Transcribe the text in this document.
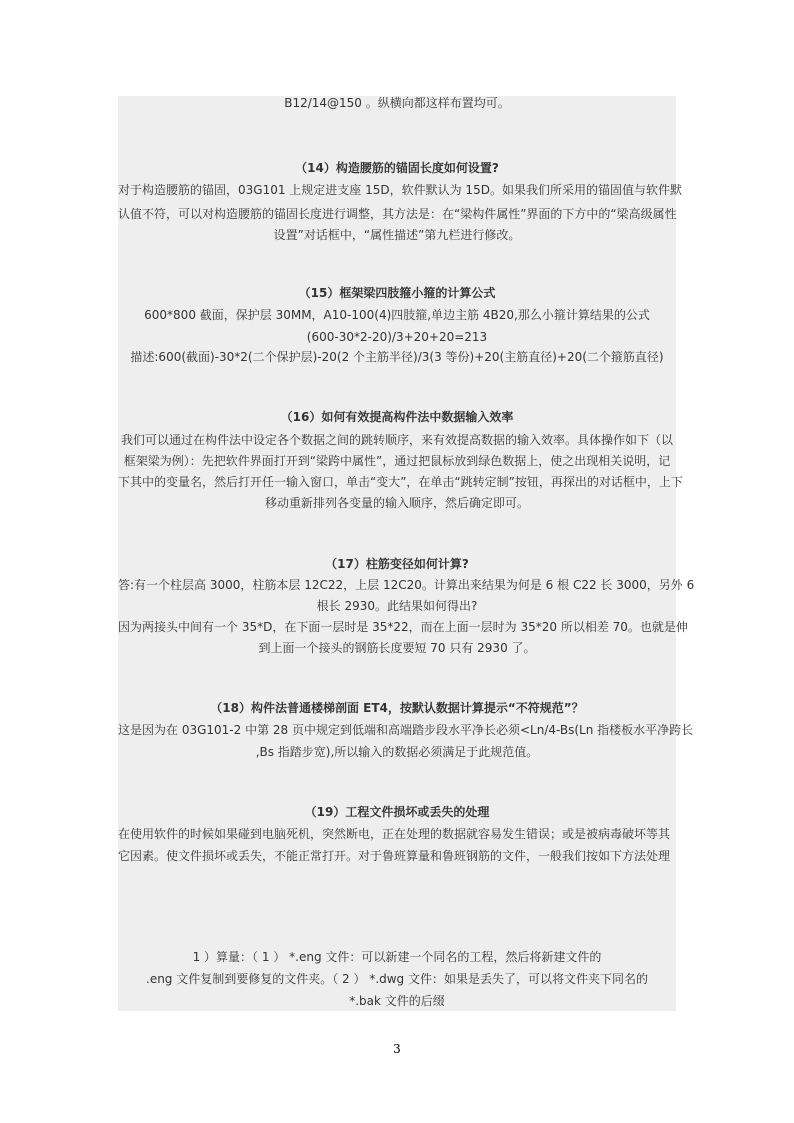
B12/14@150 。纵横向都这样布置均可。

（14）构造腰筋的锚固长度如何设置?

对于构造腰筋的锚固，03G101 上规定进支座 15D，软件默认为 15D。如果我们所采用的锚固值与软件默

认值不符，可以对构造腰筋的锚固长度进行调整，其方法是：在“梁构件属性”界面的下方中的“梁高级属性

设置”对话框中，“属性描述”第九栏进行修改。

（15）框架梁四肢箍小箍的计算公式

600*800 截面，保护层 30MM，A10-100(4)四肢箍,单边主筋 4B20,那么小箍计算结果的公式

(600-30*2-20)/3+20+20=213

描述:600(截面)-30*2(二个保护层)-20(2 个主筋半径)/3(3 等份)+20(主筋直径)+20(二个箍筋直径)

（16）如何有效提高构件法中数据输入效率

我们可以通过在构件法中设定各个数据之间的跳转顺序，来有效提高数据的输入效率。具体操作如下（以

框架梁为例）：先把软件界面打开到“梁跨中属性”，通过把鼠标放到绿色数据上，使之出现相关说明，记

下其中的变量名，然后打开任一输入窗口，单击“变大”，在单击“跳转定制”按钮，再探出的对话框中，上下

移动重新排列各变量的输入顺序，然后确定即可。

（17）柱筋变径如何计算?

答:有一个柱层高 3000，柱筋本层 12C22，上层 12C20。计算出来结果为何是 6 根 C22 长 3000，另外 6

根长 2930。此结果如何得出?

因为两接头中间有一个 35*D，在下面一层时是 35*22，而在上面一层时为 35*20 所以相差 70。也就是伸

到上面一个接头的钢筋长度要短 70 只有 2930 了。

（18）构件法普通楼梯剖面 ET4，按默认数据计算提示“不符规范”？

这是因为在 03G101-2 中第 28 页中规定到低端和高端踏步段水平净长必须<Ln/4-Bs(Ln 指楼板水平净跨长

,Bs 指踏步宽),所以输入的数据必须满足于此规范值。

（19）工程文件损坏或丢失的处理

在使用软件的时候如果碰到电脑死机，突然断电，正在处理的数据就容易发生错误；或是被病毒破坏等其

它因素。使文件损坏或丢失，不能正常打开。对于鲁班算量和鲁班钢筋的文件，一般我们按如下方法处理

1 ）算量：（ 1 ） *.eng 文件：可以新建一个同名的工程，然后将新建文件的

.eng 文件复制到要修复的文件夹。（ 2 ） *.dwg 文件：如果是丢失了，可以将文件夹下同名的

*.bak 文件的后缀

3
